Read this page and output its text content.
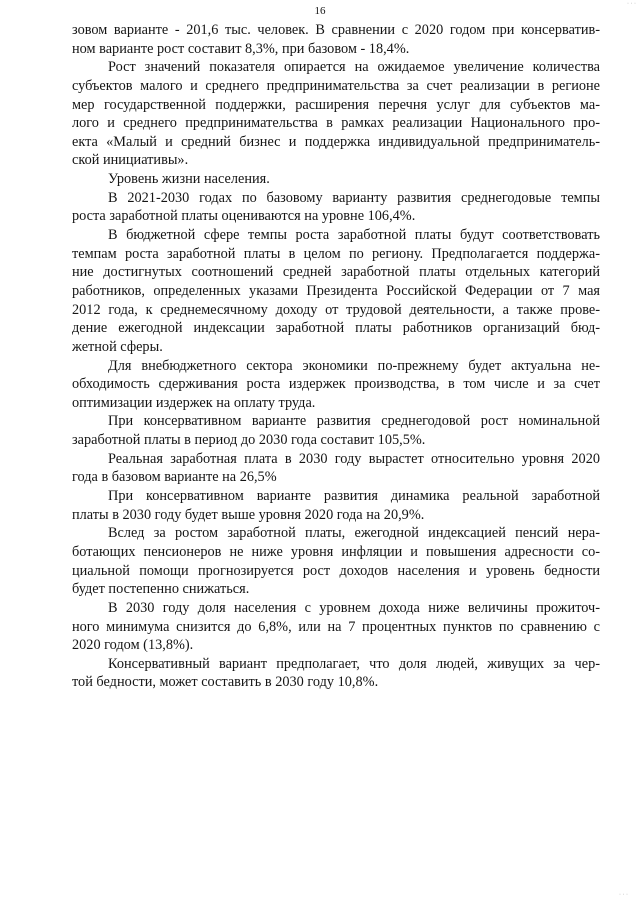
· · ·
16
зовом варианте - 201,6 тыс. человек. В сравнении с 2020 годом при консерватив-
ном варианте рост составит 8,3%, при базовом - 18,4%.
Рост значений показателя опирается на ожидаемое увеличение количества
субъектов малого и среднего предпринимательства за счет реализации в регионе
мер государственной поддержки, расширения перечня услуг для субъектов ма-
лого и среднего предпринимательства в рамках реализации Национального про-
екта «Малый и средний бизнес и поддержка индивидуальной предприниматель-
ской инициативы».
Уровень жизни населения.
В 2021-2030 годах по базовому варианту развития среднегодовые темпы
роста заработной платы оцениваются на уровне 106,4%.
В бюджетной сфере темпы роста заработной платы будут соответствовать
темпам роста заработной платы в целом по региону. Предполагается поддержа-
ние достигнутых соотношений средней заработной платы отдельных категорий
работников, определенных указами Президента Российской Федерации от 7 мая
2012 года, к среднемесячному доходу от трудовой деятельности, а также прове-
дение ежегодной индексации заработной платы работников организаций бюд-
жетной сферы.
Для внебюджетного сектора экономики по-прежнему будет актуальна не-
обходимость сдерживания роста издержек производства, в том числе и за счет
оптимизации издержек на оплату труда.
При консервативном варианте развития среднегодовой рост номинальной
заработной платы в период до 2030 года составит 105,5%.
Реальная заработная плата в 2030 году вырастет относительно уровня 2020
года в базовом варианте на 26,5%
При консервативном варианте развития динамика реальной заработной
платы в 2030 году будет выше уровня 2020 года на 20,9%.
Вслед за ростом заработной платы, ежегодной индексацией пенсий нера-
ботающих пенсионеров не ниже уровня инфляции и повышения адресности со-
циальной помощи прогнозируется рост доходов населения и уровень бедности
будет постепенно снижаться.
В 2030 году доля населения с уровнем дохода ниже величины прожиточ-
ного минимума снизится до 6,8%, или на 7 процентных пунктов по сравнению с
2020 годом (13,8%).
Консервативный вариант предполагает, что доля людей, живущих за чер-
той бедности, может составить в 2030 году 10,8%.
· · ·
